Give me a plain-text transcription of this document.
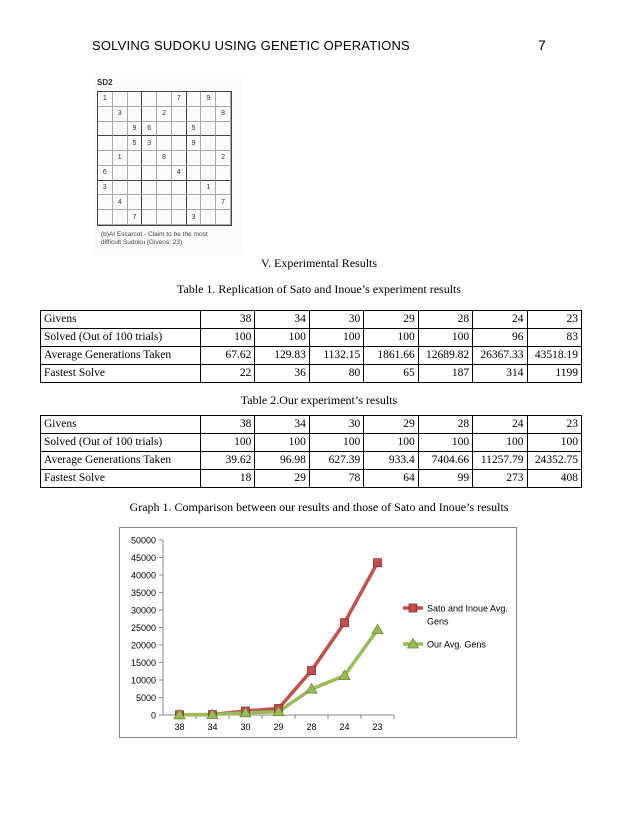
SOLVING SUDOKU USING GENETIC OPERATIONS	7
SD2
1	7	9
3	2	8
9	6	5
5	3	9
1	8	2
6	4
3	1
4	7
7	3
(b)AI Escarcot - Claim to be the most
difficult Sudoku (Givens: 23)
V. Experimental Results
Table 1. Replication of Sato and Inoue’s experiment results
Givens	38	34	30	29	28	24	23
Solved (Out of 100 trials)	100	100	100	100	100	96	83
Average Generations Taken	67.62	129.83	1132.15	1861.66	12689.82	26367.33	43518.19
Fastest Solve	22	36	80	65	187	314	1199
Table 2.Our experiment’s results
Givens	38	34	30	29	28	24	23
Solved (Out of 100 trials)	100	100	100	100	100	100	100
Average Generations Taken	39.62	96.98	627.39	933.4	7404.66	11257.79	24352.75
Fastest Solve	18	29	78	64	99	273	408
Graph 1. Comparison between our results and those of Sato and Inoue’s results
50000
45000
40000
35000
30000
25000
20000
15000
10000
5000
0
38	34	30	29	28	24	23
Sato and Inoue Avg.
Gens
Our Avg. Gens
